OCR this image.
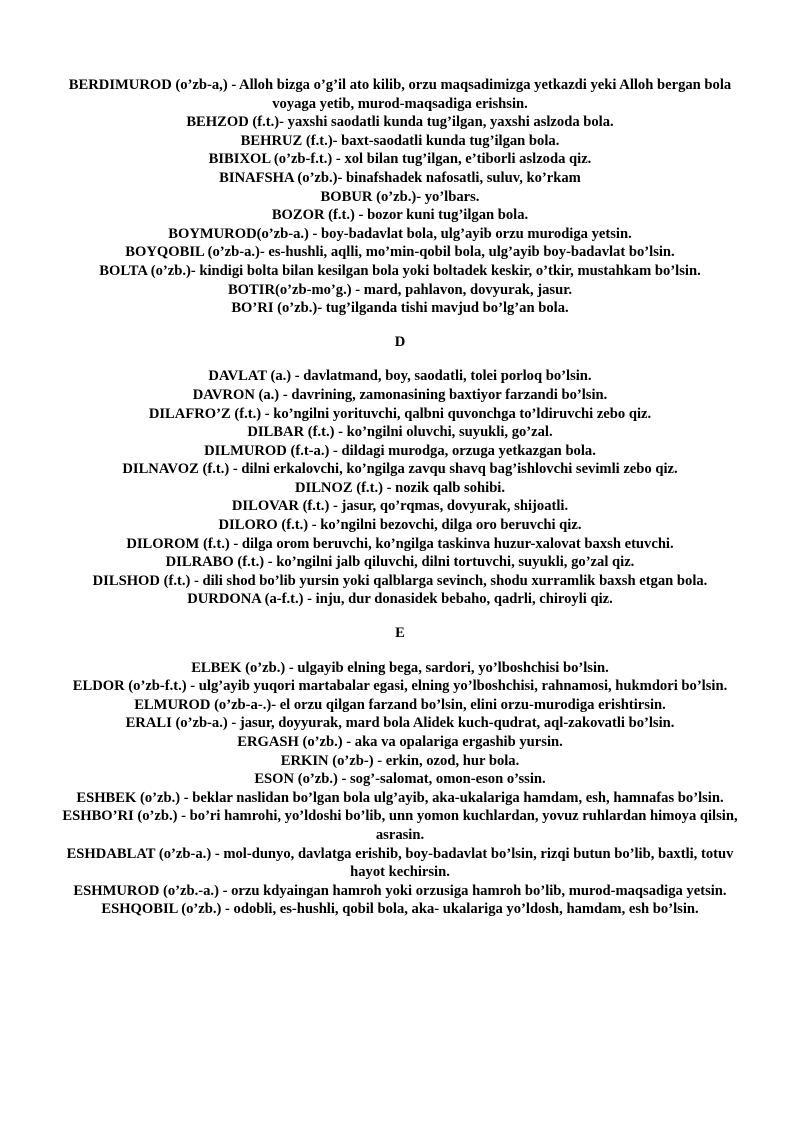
BERDIMUROD (o’zb-a,) - Alloh bizga o’g’il ato kilib, orzu maqsadimizga yetkazdi yeki Alloh bergan bola voyaga yetib, murod-maqsadiga erishsin.

BEHZOD (f.t.)- yaxshi saodatli kunda tug’ilgan, yaxshi aslzoda bola.

BEHRUZ (f.t.)- baxt-saodatli kunda tug’ilgan bola.

BIBIXOL (o’zb-f.t.) - xol bilan tug’ilgan, e’tiborli aslzoda qiz.

BINAFSHA (o’zb.)- binafshadek nafosatli, suluv, ko’rkam

BOBUR (o’zb.)- yo’lbars.

BOZOR (f.t.) - bozor kuni tug’ilgan bola.

BOYMUROD(o’zb-a.) - boy-badavlat bola, ulg’ayib orzu murodiga yetsin.

BOYQOBIL (o’zb-a.)- es-hushli, aqlli, mo’min-qobil bola, ulg’ayib boy-badavlat bo’lsin.

BOLTA (o’zb.)- kindigi bolta bilan kesilgan bola yoki boltadek keskir, o’tkir, mustahkam bo’lsin.

BOTIR(o’zb-mo’g.) - mard, pahlavon, dovyurak, jasur.

BO’RI (o’zb.)- tug’ilganda tishi mavjud bo’lg’an bola.

D

DAVLAT (a.) - davlatmand, boy, saodatli, tolei porloq bo’lsin.

DAVRON (a.) - davrining, zamonasining baxtiyor farzandi bo’lsin.

DILAFRO’Z (f.t.) - ko’ngilni yorituvchi, qalbni quvonchga to’ldiruvchi zebo qiz.

DILBAR (f.t.) - ko’ngilni oluvchi, suyukli, go’zal.

DILMUROD (f.t-a.) - dildagi murodga, orzuga yetkazgan bola.

DILNAVOZ (f.t.) - dilni erkalovchi, ko’ngilga zavqu shavq bag’ishlovchi sevimli zebo qiz.

DILNOZ (f.t.) - nozik qalb sohibi.

DILOVAR (f.t.) - jasur, qo’rqmas, dovyurak, shijoatli.

DILORO (f.t.) - ko’ngilni bezovchi, dilga oro beruvchi qiz.

DILOROM (f.t.) - dilga orom beruvchi, ko’ngilga taskinva huzur-xalovat baxsh etuvchi.

DILRABO (f.t.) - ko’ngilni jalb qiluvchi, dilni tortuvchi, suyukli, go’zal qiz.

DILSHOD (f.t.) - dili shod bo’lib yursin yoki qalblarga sevinch, shodu xurramlik baxsh etgan bola.

DURDONA (a-f.t.) - inju, dur donasidek bebaho, qadrli, chiroyli qiz.

E

ELBEK (o’zb.) - ulgayib elning bega, sardori, yo’lboshchisi bo’lsin.

ELDOR (o’zb-f.t.) - ulg’ayib yuqori martabalar egasi, elning yo’lboshchisi, rahnamosi, hukmdori bo’lsin.

ELMUROD (o’zb-a-.)- el orzu qilgan farzand bo’lsin, elini orzu-murodiga erishtirsin.

ERALI (o’zb-a.) - jasur, doyyurak, mard bola Alidek kuch-qudrat, aql-zakovatli bo’lsin.

ERGASH (o’zb.) - aka va opalariga ergashib yursin.

ERKIN (o’zb-) - erkin, ozod, hur bola.

ESON (o’zb.) - sog’-salomat, omon-eson o’ssin.

ESHBEK (o’zb.) - beklar naslidan bo’lgan bola ulg’ayib, aka-ukalariga hamdam, esh, hamnafas bo’lsin.

ESHBO’RI (o’zb.) - bo’ri hamrohi, yo’ldoshi bo’lib, unn yomon kuchlardan, yovuz ruhlardan himoya qilsin, asrasin.

ESHDABLAT (o’zb-a.) - mol-dunyo, davlatga erishib, boy-badavlat bo’lsin, rizqi butun bo’lib, baxtli, totuv hayot kechirsin.

ESHMUROD (o’zb.-a.) - orzu kdyaingan hamroh yoki orzusiga hamroh bo’lib, murod-maqsadiga yetsin.

ESHQOBIL (o’zb.) - odobli, es-hushli, qobil bola, aka- ukalariga yo’ldosh, hamdam, esh bo’lsin.
